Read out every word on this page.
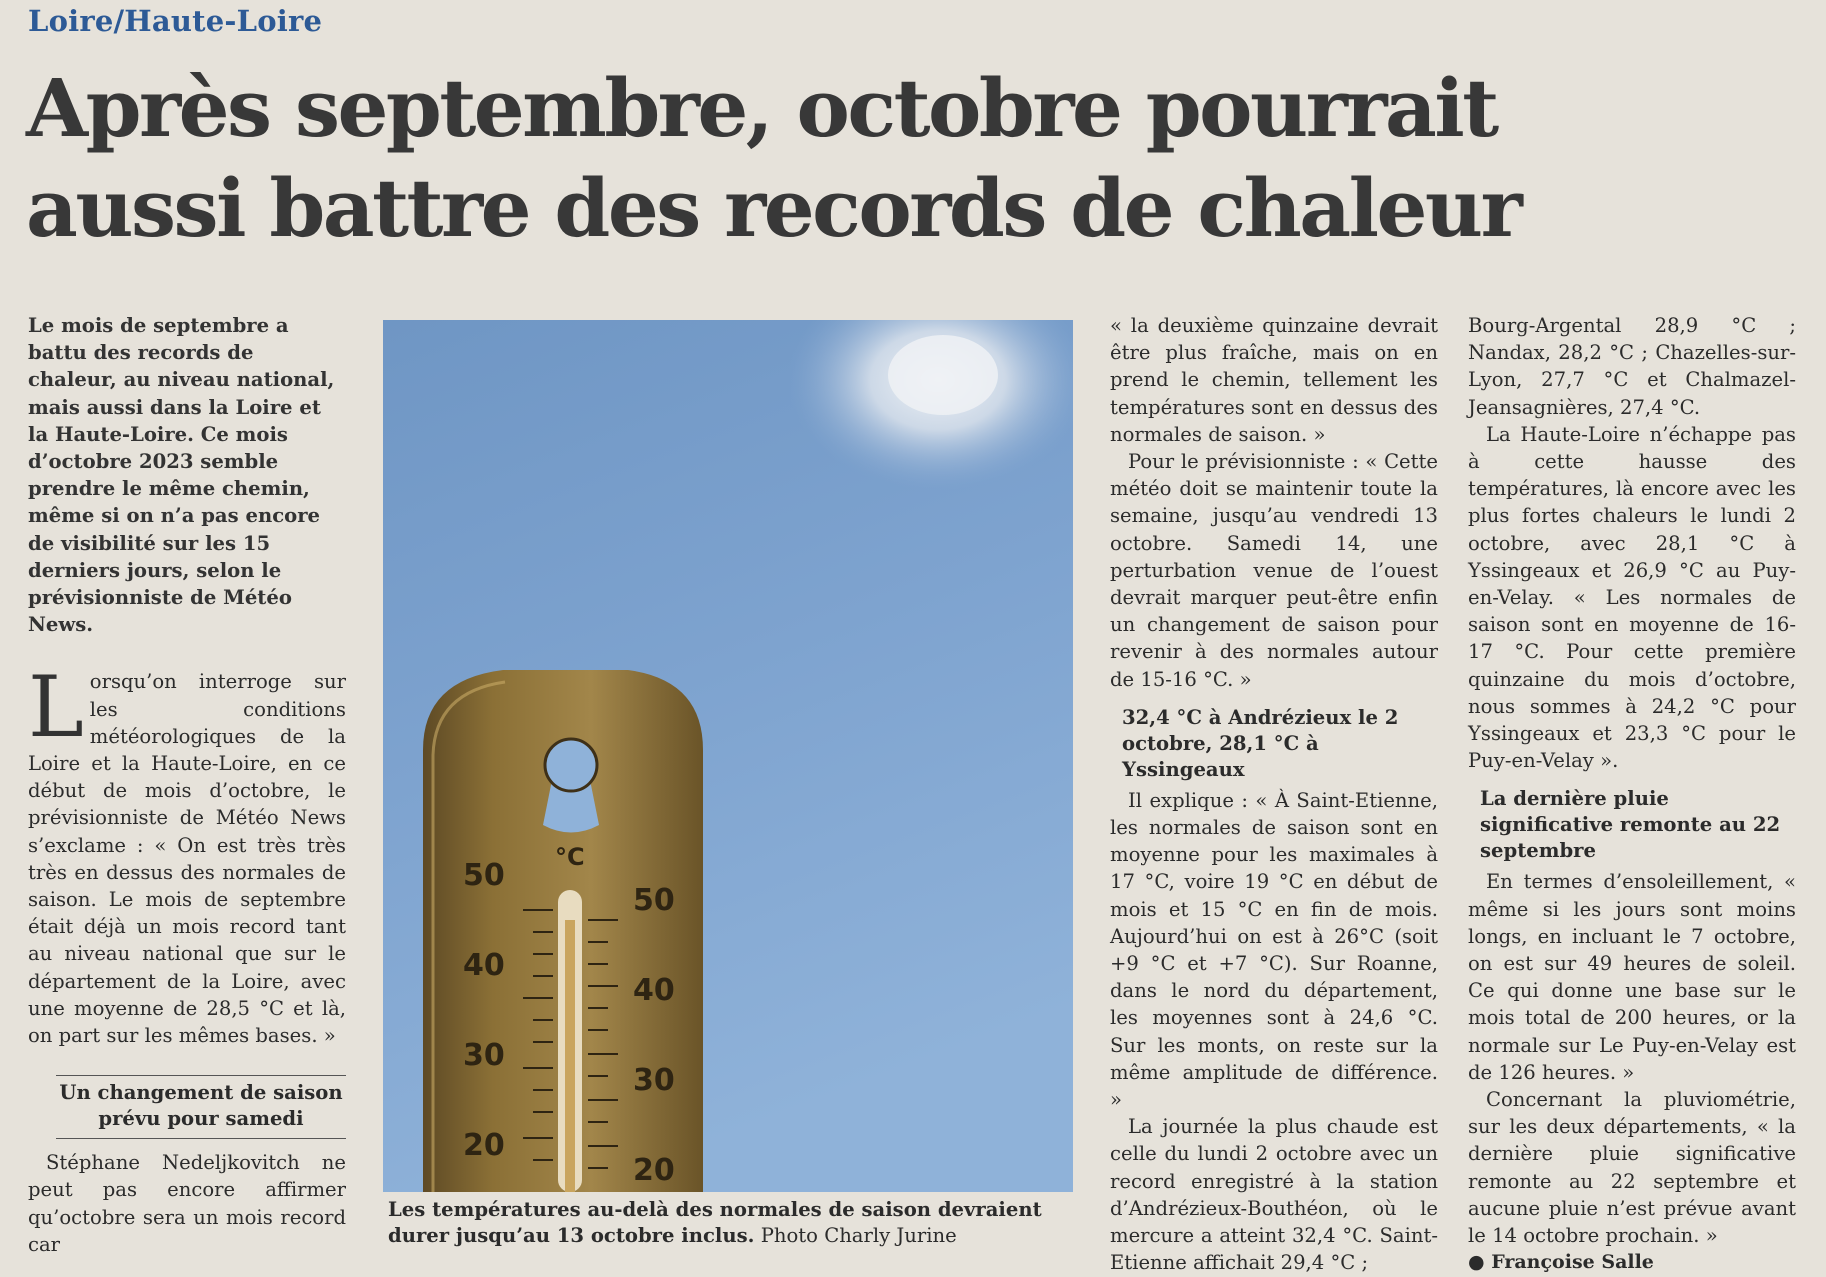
Loire/Haute-Loire
Après septembre, octobre pourrait
aussi battre des records de chaleur

Le mois de septembre a battu des records de chaleur, au niveau national, mais aussi dans la Loire et la Haute-Loire. Ce mois d’octobre 2023 semble prendre le même chemin, même si on n’a pas encore de visibilité sur les 15 derniers jours, selon le prévisionniste de Météo News.

Lorsqu’on interroge sur les conditions météorologiques de la Loire et la Haute-Loire, en ce début de mois d’octobre, le prévisionniste de Météo News s’exclame : « On est très très très en dessus des normales de saison. Le mois de septembre était déjà un mois record tant au niveau national que sur le département de la Loire, avec une moyenne de 28,5 °C et là, on part sur les mêmes bases. »

Un changement de saison prévu pour samedi

Stéphane Nedeljkovitch ne peut pas encore affirmer qu’octobre sera un mois record car

50
40
30
20
50
40
30
20
°C
Les températures au-delà des normales de saison devraient durer jusqu’au 13 octobre inclus. Photo Charly Jurine

« la deuxième quinzaine devrait être plus fraîche, mais on en prend le chemin, tellement les températures sont en dessus des normales de saison. »

Pour le prévisionniste : « Cette météo doit se maintenir toute la semaine, jusqu’au vendredi 13 octobre. Samedi 14, une perturbation venue de l’ouest devrait marquer peut-être enfin un changement de saison pour revenir à des normales autour de 15-16 °C. »

32,4 °C à Andrézieux le 2 octobre, 28,1 °C à Yssingeaux

Il explique : « À Saint-Etienne, les normales de saison sont en moyenne pour les maximales à 17 °C, voire 19 °C en début de mois et 15 °C en fin de mois. Aujourd’hui on est à 26°C (soit +9 °C et +7 °C). Sur Roanne, dans le nord du département, les moyennes sont à 24,6 °C. Sur les monts, on reste sur la même amplitude de différence. »

La journée la plus chaude est celle du lundi 2 octobre avec un record enregistré à la station d’Andrézieux-Bouthéon, où le mercure a atteint 32,4 °C. Saint-Etienne affichait 29,4 °C ;

Bourg-Argental 28,9 °C ; Nandax, 28,2 °C ; Chazelles-sur-Lyon, 27,7 °C et Chalmazel-Jeansagnières, 27,4 °C.

La Haute-Loire n’échappe pas à cette hausse des températures, là encore avec les plus fortes chaleurs le lundi 2 octobre, avec 28,1 °C à Yssingeaux et 26,9 °C au Puy-en-Velay. « Les normales de saison sont en moyenne de 16-17 °C. Pour cette première quinzaine du mois d’octobre, nous sommes à 24,2 °C pour Yssingeaux et 23,3 °C pour le Puy-en-Velay ».

La dernière pluie significative remonte au 22 septembre

En termes d’ensoleillement, « même si les jours sont moins longs, en incluant le 7 octobre, on est sur 49 heures de soleil. Ce qui donne une base sur le mois total de 200 heures, or la normale sur Le Puy-en-Velay est de 126 heures. »

Concernant la pluviométrie, sur les deux départements, « la dernière pluie significative remonte au 22 septembre et aucune pluie n’est prévue avant le 14 octobre prochain. »

● Françoise Salle
